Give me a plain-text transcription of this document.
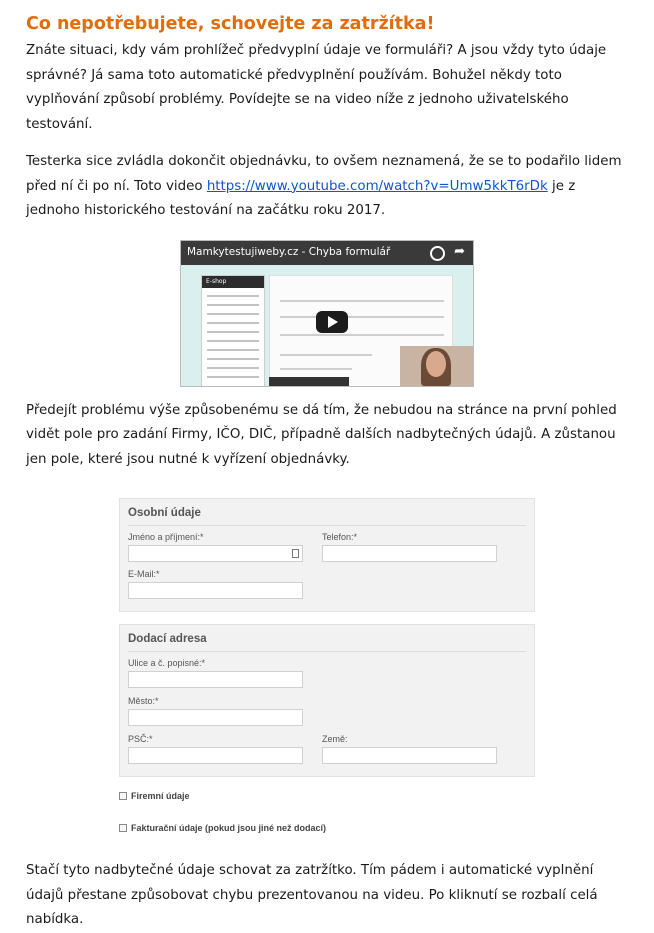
Co nepotřebujete, schovejte za zatržítka!

Znáte situaci, kdy vám prohlížeč předvyplní údaje ve formuláři? A jsou vždy tyto údaje správné? Já sama toto automatické předvyplnění používám. Bohužel někdy toto vyplňování způsobí problémy. Povídejte se na video níže z jednoho uživatelského testování.

Testerka sice zvládla dokončit objednávku, to ovšem neznamená, že se to podařilo lidem před ní či po ní. Toto video https://www.youtube.com/watch?v=Umw5kkT6rDk je z jednoho historického testování na začátku roku 2017.

Mamkytestujiweby.cz - Chyba formulář	➦
E-shop

Předejít problému výše způsobenému se dá tím, že nebudou na stránce na první pohled vidět pole pro zadání Firmy, IČO, DIČ, případně dalších nadbytečných údajů. A zůstanou jen pole, které jsou nutné k vyřízení objednávky.

Osobní údaje
Jméno a příjmení:*	Telefon:*
E-Mail:*
Dodací adresa
Ulice a č. popisné:*
Město:*
PSČ:*	Země:
Firemní údaje
Fakturační údaje (pokud jsou jiné než dodací)

Stačí tyto nadbytečné údaje schovat za zatržítko. Tím pádem i automatické vyplnění údajů přestane způsobovat chybu prezentovanou na videu. Po kliknutí se rozbalí celá nabídka.
